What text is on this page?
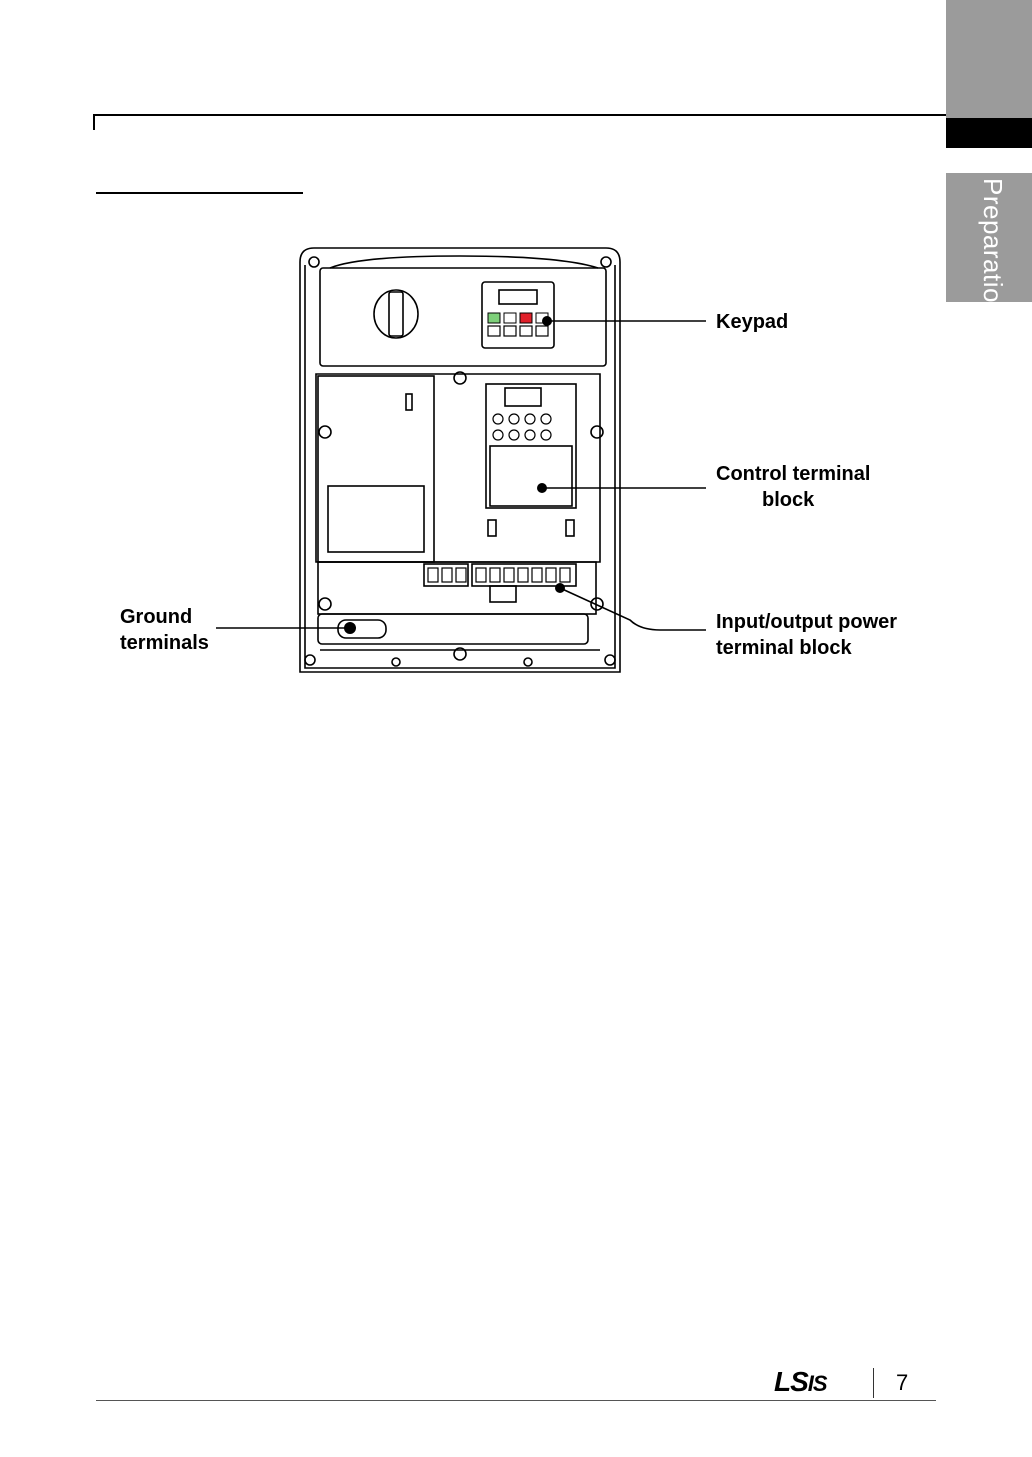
Preparation
Keypad
Control terminal
block
Input/output power
terminal block
Ground
terminals
LSIS	7
